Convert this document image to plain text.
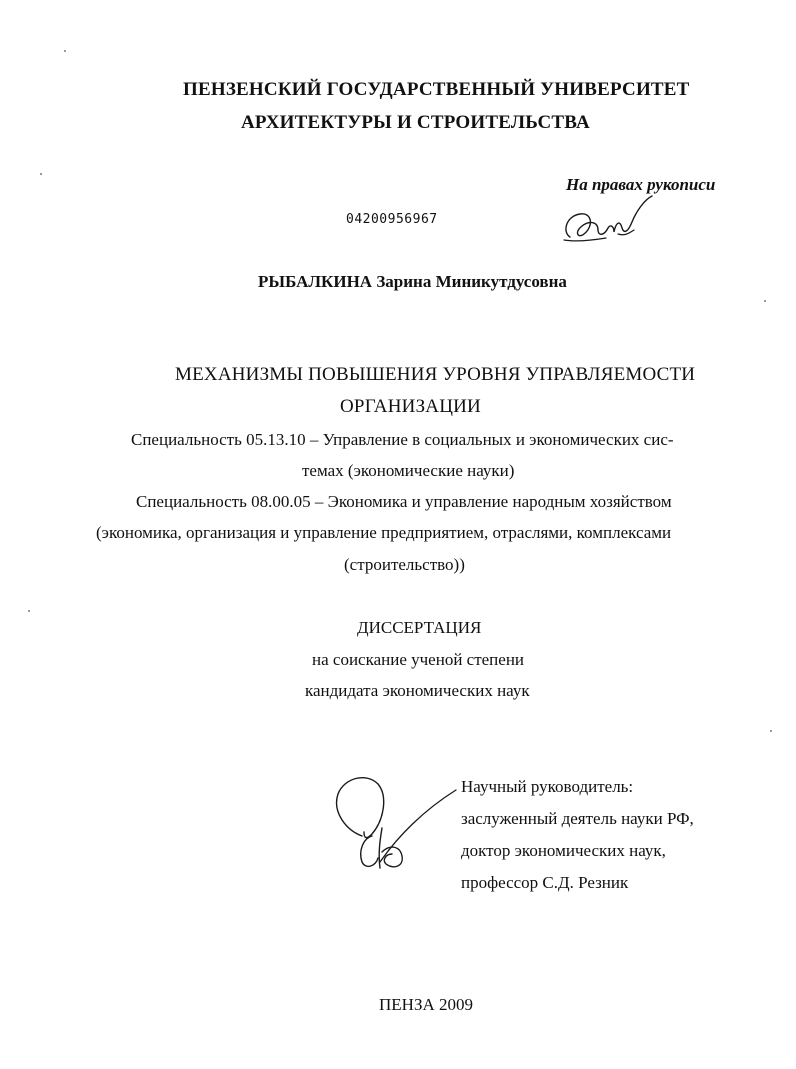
ПЕНЗЕНСКИЙ ГОСУДАРСТВЕННЫЙ УНИВЕРСИТЕТ
АРХИТЕКТУРЫ И СТРОИТЕЛЬСТВА
На правах рукописи
04200956967
РЫБАЛКИНА Зарина Миникутдусовна
МЕХАНИЗМЫ ПОВЫШЕНИЯ УРОВНЯ УПРАВЛЯЕМОСТИ
ОРГАНИЗАЦИИ
Специальность 05.13.10 – Управление в социальных и экономических сис-
темах (экономические науки)
Специальность 08.00.05 – Экономика и управление народным хозяйством
(экономика, организация и управление предприятием, отраслями, комплексами
(строительство))
ДИССЕРТАЦИЯ
на соискание ученой степени
кандидата экономических наук
Научный руководитель:
заслуженный деятель науки РФ,
доктор экономических наук,
профессор С.Д. Резник
ПЕНЗА 2009
